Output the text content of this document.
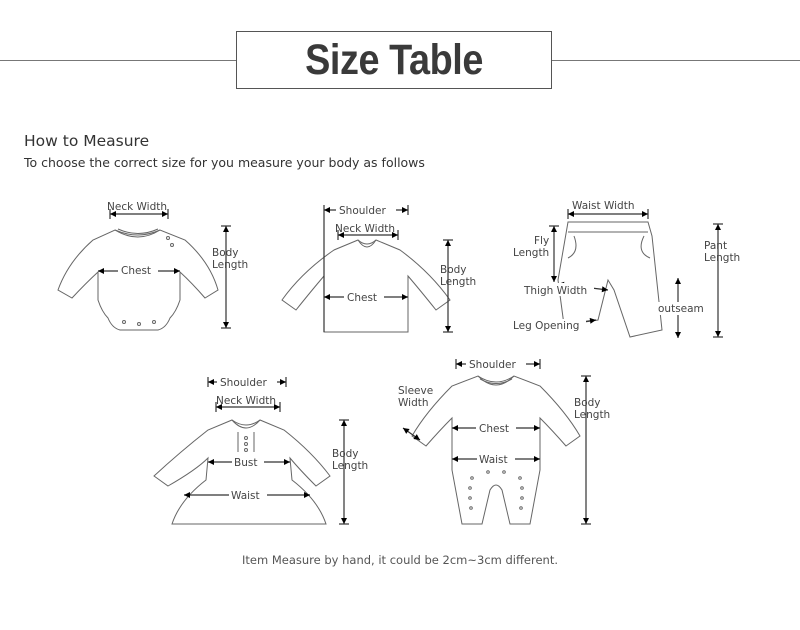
Size Table
How to Measure
To choose the correct size for you measure your body as follows
Neck Width
Chest
Body
Length
Shoulder
Neck Width
Chest
Body
Length
Waist Width
Fly
Length
Pant
Length
Thigh Width
outseam
Leg Opening
Shoulder
Neck Width
Bust
Waist
Body
Length
Shoulder
Sleeve
Width
Chest
Waist
Body
Length
Item Measure by hand, it could be 2cm~3cm different.
